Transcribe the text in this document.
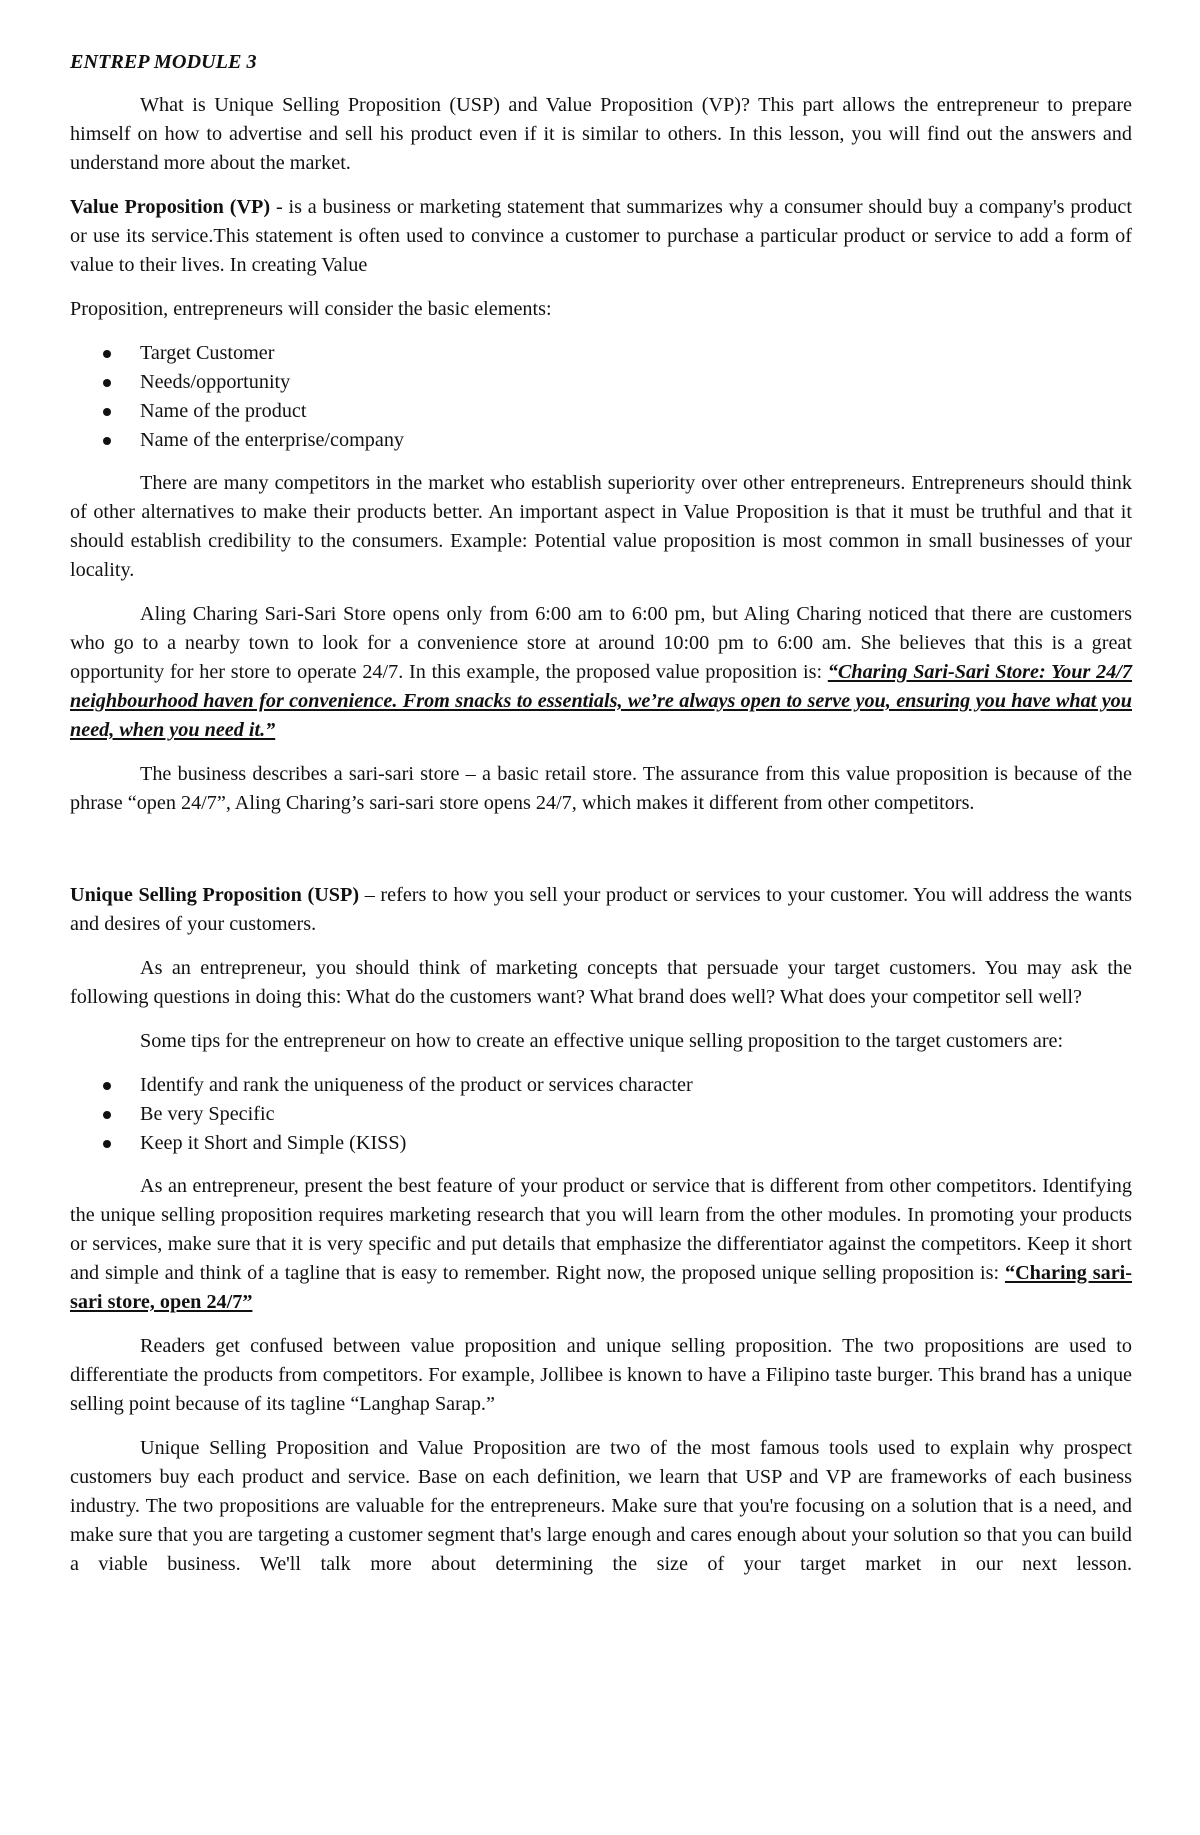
ENTREP MODULE 3

What is Unique Selling Proposition (USP) and Value Proposition (VP)? This part allows the entrepreneur to prepare himself on how to advertise and sell his product even if it is similar to others. In this lesson, you will find out the answers and understand more about the market.

Value Proposition (VP) - is a business or marketing statement that summarizes why a consumer should buy a company's product or use its service.This statement is often used to convince a customer to purchase a particular product or service to add a form of value to their lives. In creating Value

Proposition, entrepreneurs will consider the basic elements:

Target Customer
Needs/opportunity
Name of the product
Name of the enterprise/company

There are many competitors in the market who establish superiority over other entrepreneurs. Entrepreneurs should think of other alternatives to make their products better. An important aspect in Value Proposition is that it must be truthful and that it should establish credibility to the consumers. Example: Potential value proposition is most common in small businesses of your locality.

Aling Charing Sari-Sari Store opens only from 6:00 am to 6:00 pm, but Aling Charing noticed that there are customers who go to a nearby town to look for a convenience store at around 10:00 pm to 6:00 am. She believes that this is a great opportunity for her store to operate 24/7. In this example, the proposed value proposition is: “Charing Sari-Sari Store: Your 24/7 neighbourhood haven for convenience. From snacks to essentials, we’re always open to serve you, ensuring you have what you need, when you need it.”

The business describes a sari-sari store – a basic retail store. The assurance from this value proposition is because of the phrase “open 24/7”, Aling Charing’s sari-sari store opens 24/7, which makes it different from other competitors.

Unique Selling Proposition (USP) – refers to how you sell your product or services to your customer. You will address the wants and desires of your customers.

As an entrepreneur, you should think of marketing concepts that persuade your target customers. You may ask the following questions in doing this: What do the customers want? What brand does well? What does your competitor sell well?

Some tips for the entrepreneur on how to create an effective unique selling proposition to the target customers are:

Identify and rank the uniqueness of the product or services character
Be very Specific
Keep it Short and Simple (KISS)

As an entrepreneur, present the best feature of your product or service that is different from other competitors. Identifying the unique selling proposition requires marketing research that you will learn from the other modules. In promoting your products or services, make sure that it is very specific and put details that emphasize the differentiator against the competitors. Keep it short and simple and think of a tagline that is easy to remember. Right now, the proposed unique selling proposition is: “Charing sari-sari store, open 24/7”

Readers get confused between value proposition and unique selling proposition. The two propositions are used to differentiate the products from competitors. For example, Jollibee is known to have a Filipino taste burger. This brand has a unique selling point because of its tagline “Langhap Sarap.”

Unique Selling Proposition and Value Proposition are two of the most famous tools used to explain why prospect customers buy each product and service. Base on each definition, we learn that USP and VP are frameworks of each business industry. The two propositions are valuable for the entrepreneurs. Make sure that you're focusing on a solution that is a need, and make sure that you are targeting a customer segment that's large enough and cares enough about your solution so that you can build a viable business. We'll talk more about determining the size of your target market in our next lesson.
